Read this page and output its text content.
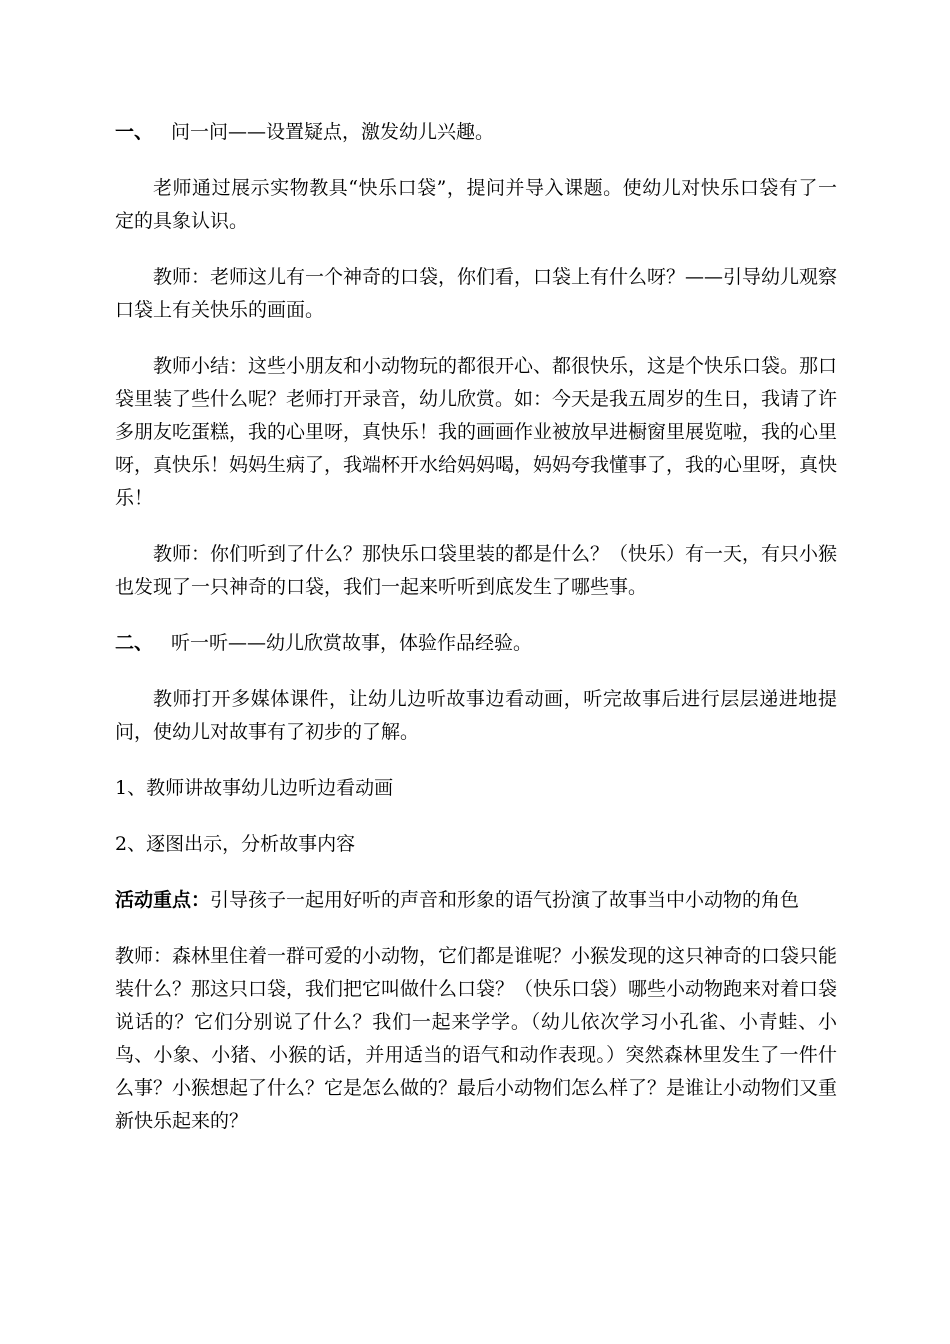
一、 问一问——设置疑点，激发幼儿兴趣。

老师通过展示实物教具“快乐口袋”，提问并导入课题。使幼儿对快乐口袋有了一定的具象认识。

教师：老师这儿有一个神奇的口袋，你们看，口袋上有什么呀？——引导幼儿观察口袋上有关快乐的画面。

教师小结：这些小朋友和小动物玩的都很开心、都很快乐，这是个快乐口袋。那口袋里装了些什么呢？老师打开录音，幼儿欣赏。如：今天是我五周岁的生日，我请了许多朋友吃蛋糕，我的心里呀，真快乐！我的画画作业被放早进橱窗里展览啦，我的心里呀，真快乐！妈妈生病了，我端杯开水给妈妈喝，妈妈夸我懂事了，我的心里呀，真快乐！

教师：你们听到了什么？那快乐口袋里装的都是什么？（快乐）有一天，有只小猴也发现了一只神奇的口袋，我们一起来听听到底发生了哪些事。

二、 听一听——幼儿欣赏故事，体验作品经验。

教师打开多媒体课件，让幼儿边听故事边看动画，听完故事后进行层层递进地提问，使幼儿对故事有了初步的了解。

1、教师讲故事幼儿边听边看动画

2、逐图出示，分析故事内容

活动重点：引导孩子一起用好听的声音和形象的语气扮演了故事当中小动物的角色

教师：森林里住着一群可爱的小动物，它们都是谁呢？小猴发现的这只神奇的口袋只能装什么？那这只口袋，我们把它叫做什么口袋？（快乐口袋）哪些小动物跑来对着口袋说话的？它们分别说了什么？我们一起来学学。（幼儿依次学习小孔雀、小青蛙、小鸟、小象、小猪、小猴的话，并用适当的语气和动作表现。）突然森林里发生了一件什么事？小猴想起了什么？它是怎么做的？最后小动物们怎么样了？是谁让小动物们又重新快乐起来的？
